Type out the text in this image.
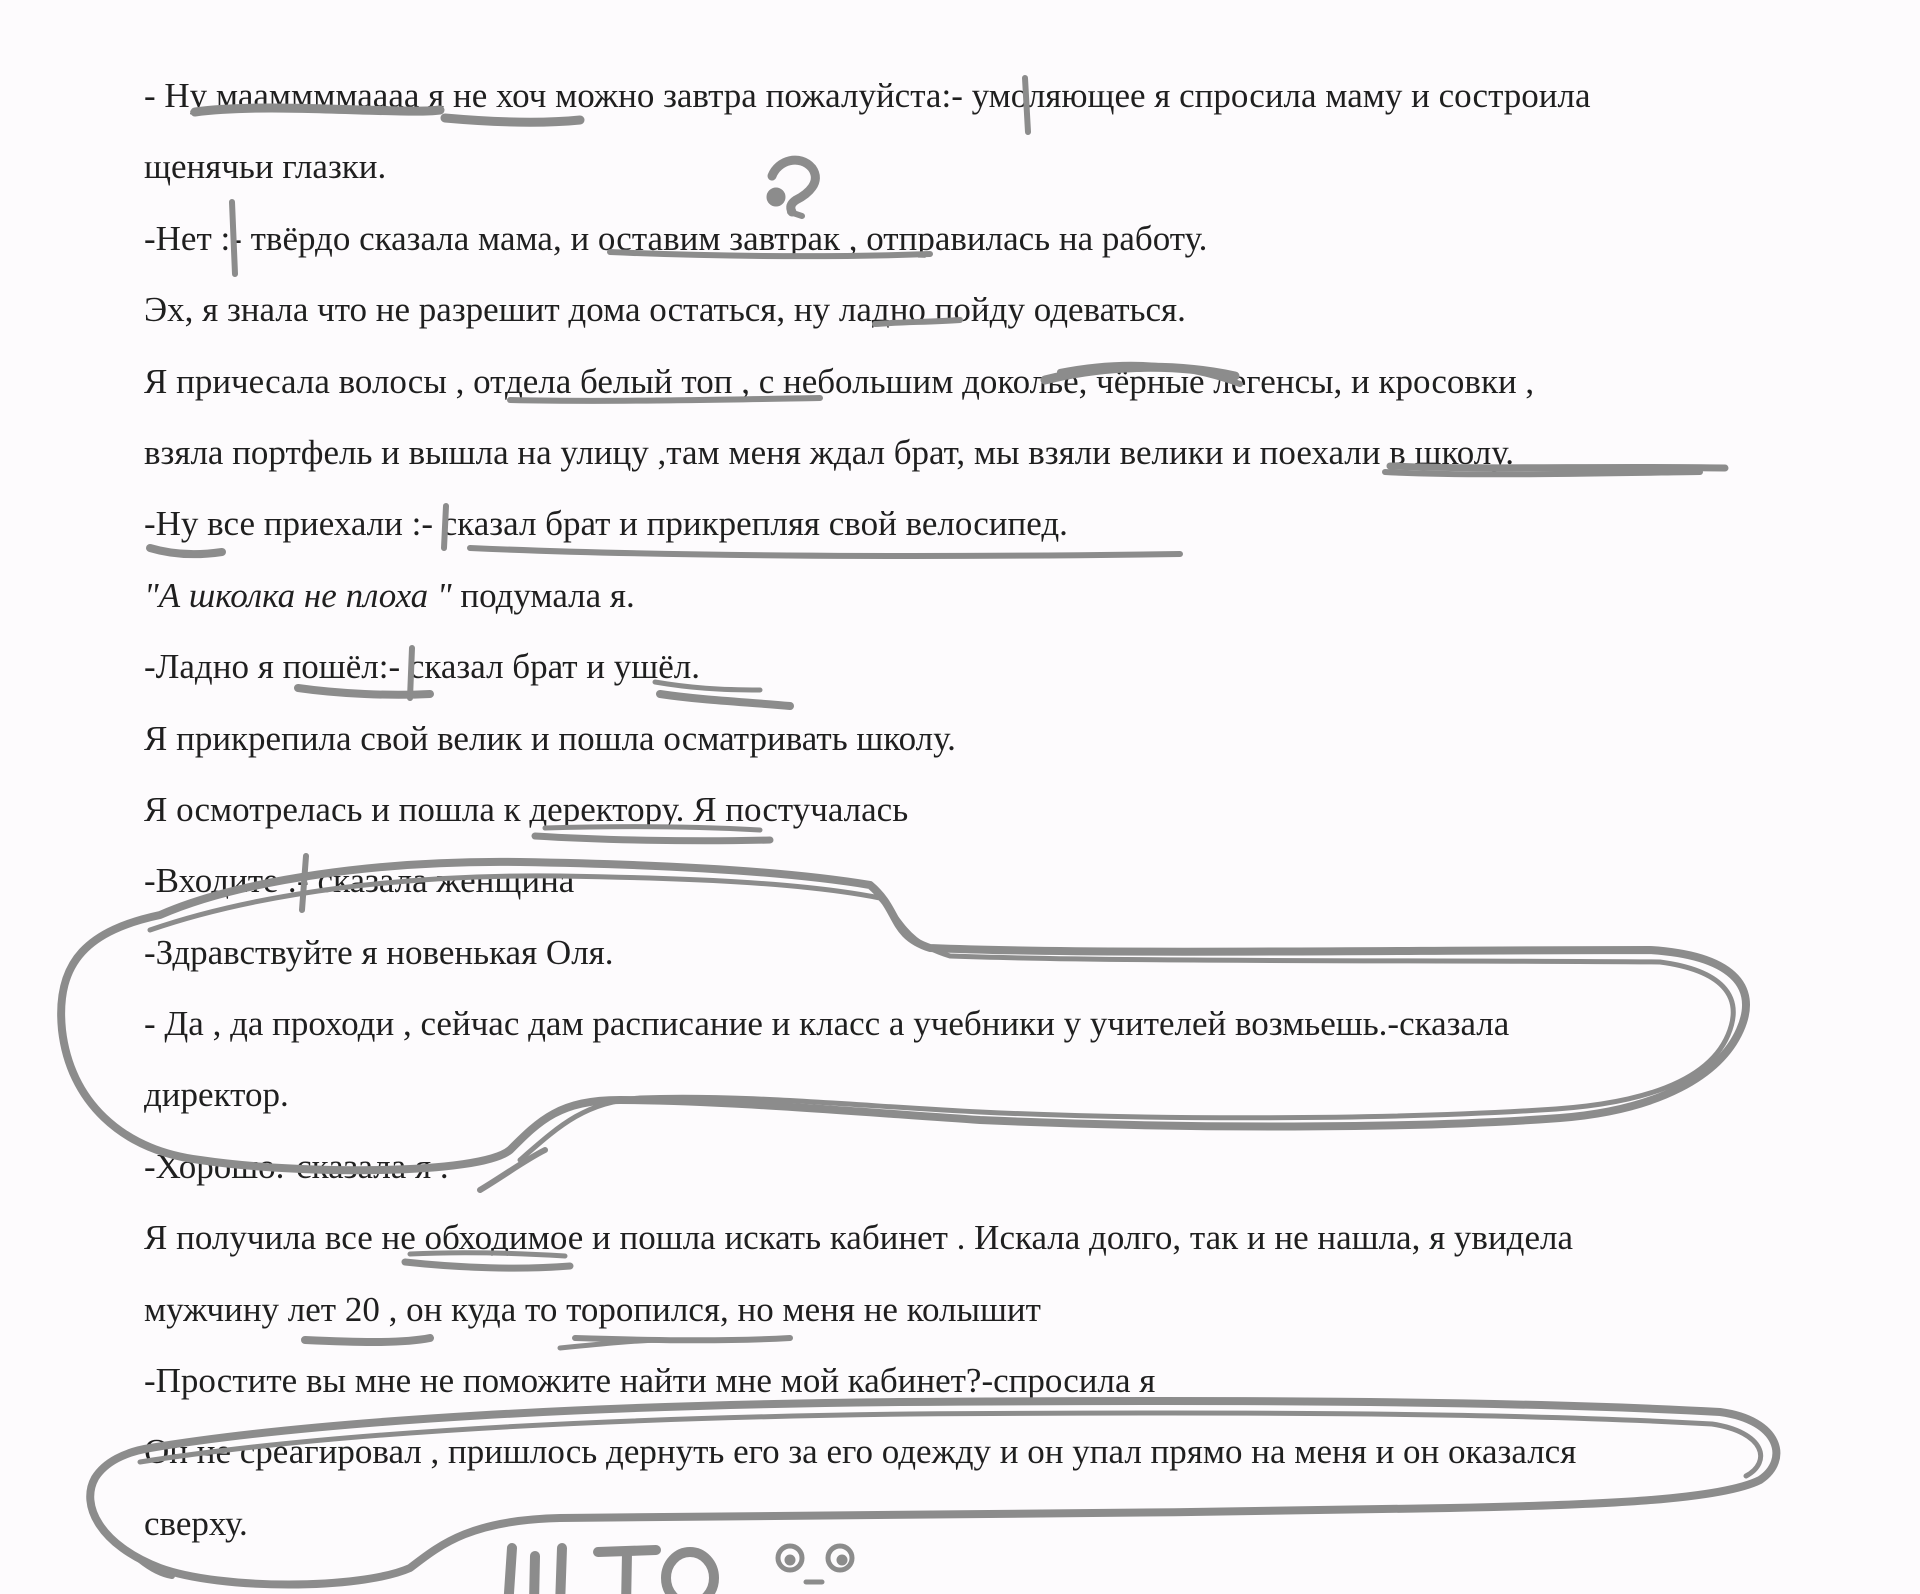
- Ну мааммммаааа я не хоч можно завтра пожалуйста:- умоляющее я спросила маму и состроила
щенячьи глазки.
-Нет :- твёрдо сказала мама, и оставим завтрак , отправилась на работу.
Эх, я знала что не разрешит дома остаться, ну ладно пойду одеваться.
Я причесала волосы , отдела белый топ , с небольшим доколье, чёрные легенсы, и кросовки ,
взяла портфель и вышла на улицу ,там меня ждал брат, мы взяли велики и поехали в школу.
-Ну все приехали :- сказал брат и прикрепляя свой велосипед.
"А школка не плоха " подумала я.
-Ладно я пошёл:- сказал брат и ушёл.
Я прикрепила свой велик и пошла осматривать школу.
Я осмотрелась и пошла к деректору. Я постучалась
-Входите :- сказала женщина
-Здравствуйте я новенькая Оля.
- Да , да проходи , сейчас дам расписание и класс а учебники у учителей возмьешь.-сказала
директор.
-Хорошо.-сказала я .
Я получила все не обходимое и пошла искать кабинет . Искала долго, так и не нашла, я увидела
мужчину лет 20 , он куда то торопился, но меня не колышит
-Простите вы мне не поможите найти мне мой кабинет?-спросила я
Он не среагировал , пришлось дернуть его за его одежду и он упал прямо на меня и он оказался
сверху.
